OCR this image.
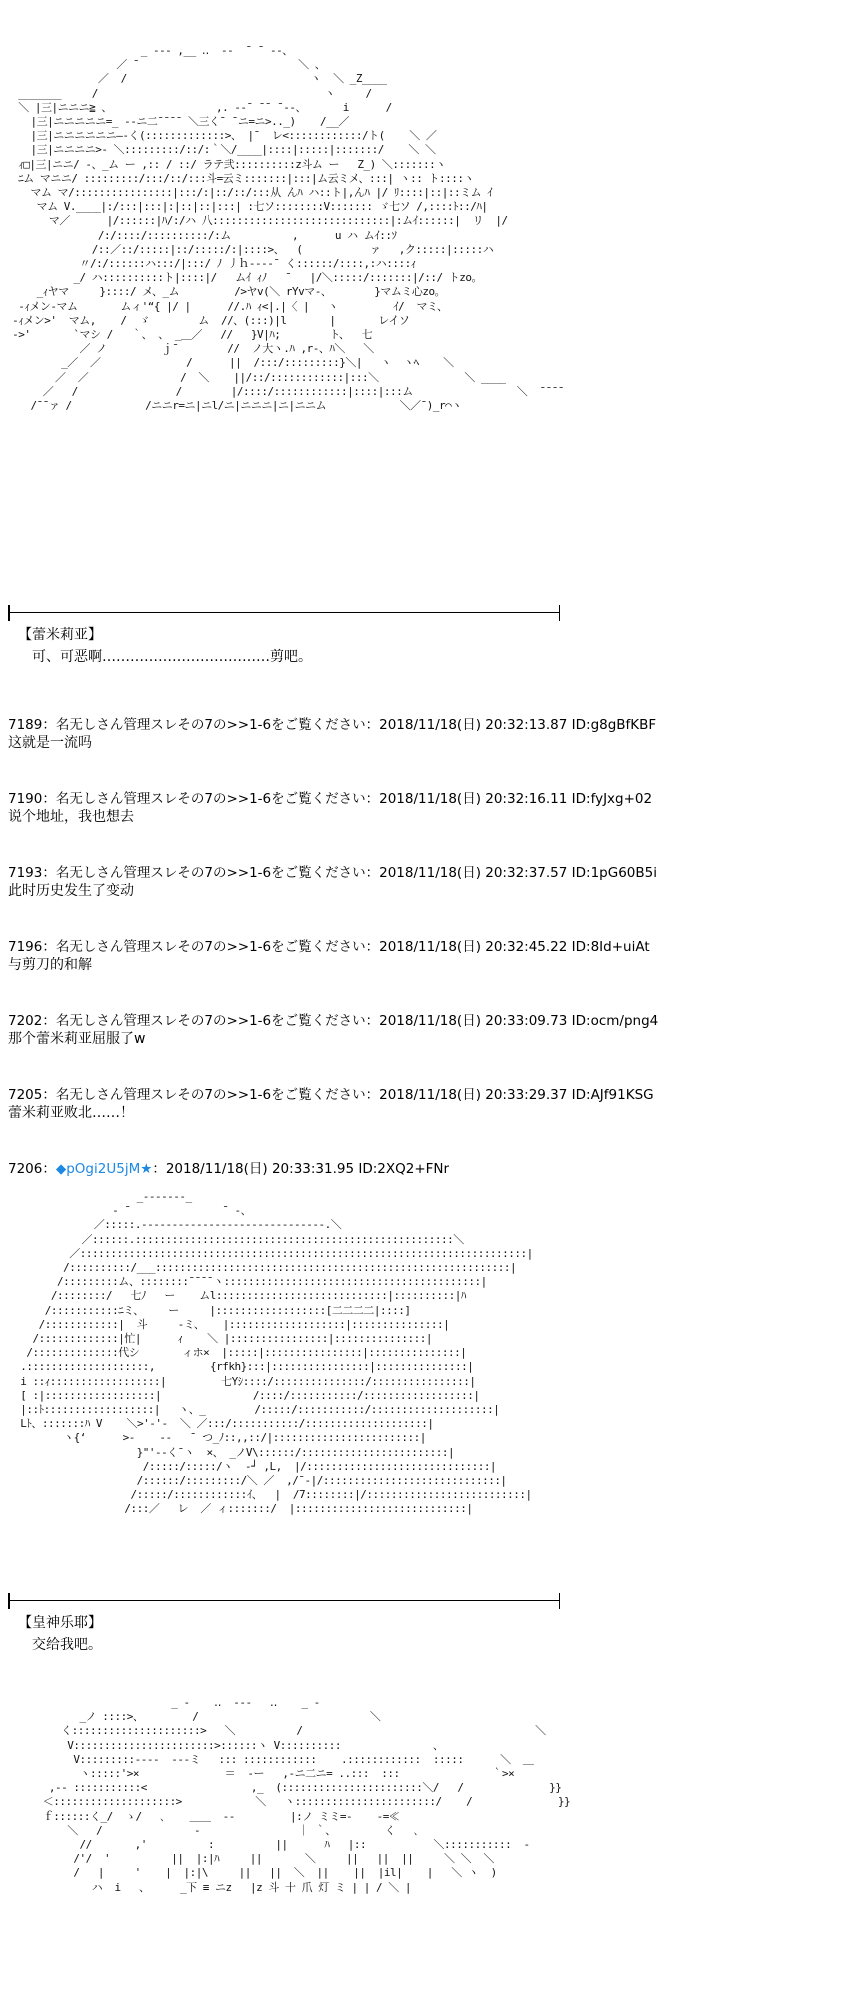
_ -‐- ,__ ‥  ‐‐  ¯ ¯ ‐-、
／ ¯                          ＼ 、
／  /                              ヽ  ＼ _Z____
_______     /                                     ヽ     /
＼ |三|ニニニ≧ 、                 ,. -‐¯ ¯¯ ¯‐-、      i      /
|三|ニニニニニ=_ -‐ニ二¯¯¯¯ ＼三く¯ ¯ニ=ニ>.._)    /__／
|三|ニニニニニニ―-く(:::::::::::::>、 |¯  レ<::::::::::::/ト(    ＼ ／
|三|ニニニニ>- ＼:::::::::/::/:｀＼/____|::::|:::::|:::::::/    ＼ ＼
ｨ□|三|ニニ/ -、_ム ー ,:: / ::/ ラテ弐::::::::::z斗ム ー   Z_) ＼:::::::ヽ
ﾆム マニニ/ :::::::::/:::/::/:::斗=云ミ:::::::|:::|ム云ミメ、:::| ヽ:: ト::::ヽ
マム マ/::::::::::::::::|:::/:|::/::/:::从 んﾊ ハ::ト|,んﾊ |/ ﾘ::::|::|::ミム ｲ
マム V.____|:/:::|:::|:|::|::|:::| :七ソ::::::::V::::::: ゞ七ソ /,::::ﾄ::/ﾊ|
マ／      |/::::::|ﾊ/:/ハ 八:::::::::::::::::::::::::::::|:ムｲ::::::|  リ  |/
/:/::::/::::::::::/:ム          ,      u ハ ムｲ::ｿ
/::／::/:::::|::/:::::/:|::::>、  (           ァ   ,ク:::::|:::::ハ
〃/:/::::::ハ:::/|:::/ ﾉ 丿ｈ‐‐‐‐¯ く::::::/::::,:ハ::::ｨ
_/ ハ::::::::::ト|::::|/   ムｲ ｨﾉ   ¯   |/＼:::::/:::::::|/::/ トzo。
_ｨヤマ     }::::/ メ、_ム         />ヤv(＼ rYvマ‐、       }マムミ心zo。
‐ｨメン‐マム       ムィ'“{ |/ |      //.ﾊ ｨ<|.|〈 |   ヽ         ｲ/  マミ、
‐ｨメン>'  マム,    /  ゞ        ム  //、(:::)|l       |       レイソ
‐>'       `マシ /   ｀、 、 _＿／   //   }V|ﾊ;        ト、  七
／ ノ         ｊ¯        //  ノ大ヽ.ﾊ ,r‐、ﾊ＼   ＼
_／  ／              /      ||  /:::/:::::::::}＼|   ヽ  ヽﾍ    ＼
／  ／               /  ＼    ||/::/::::::::::::|:::＼              ＼ ____
／   /                /        |/::::/::::::::::::|::::|:::ム                 ＼  ¯¯¯¯
/¯¯ァ /            /ニニr=ニ|ニl/ニ|ニニニ|ニ|ニニム            ＼／¯)_r⌒ヽ
【蕾米莉亚】
可、可恶啊………………………………剪吧。
7189：名无しさん管理スレその7の>>1-6をご覧ください：2018/11/18(日) 20:32:13.87 ID:g8gBfKBF
这就是一流吗
7190：名无しさん管理スレその7の>>1-6をご覧ください：2018/11/18(日) 20:32:16.11 ID:fyJxg+02
说个地址，我也想去
7193：名无しさん管理スレその7の>>1-6をご覧ください：2018/11/18(日) 20:32:37.57 ID:1pG60B5i
此时历史发生了变动
7196：名无しさん管理スレその7の>>1-6をご覧ください：2018/11/18(日) 20:32:45.22 ID:8Id+uiAt
与剪刀的和解
7202：名无しさん管理スレその7の>>1-6をご覧ください：2018/11/18(日) 20:33:09.73 ID:ocm/png4
那个蕾米莉亚屈服了w
7205：名无しさん管理スレその7の>>1-6をご覧ください：2018/11/18(日) 20:33:29.37 ID:AJf91KSG
蕾米莉亚败北……！
7206：◆pOgi2U5jM★：2018/11/18(日) 20:33:31.95 ID:2XQ2+FNr
_-------_
‐ ¯               ¯ ‐、
／:::::.-----------------------------‐.＼
／::::::.::::::::::::::::::::::::::::::::::::::::::::::::::::＼
／:::::::::::::::::::::::::::::::::::::::::::::::::::::::::::::::::::::::::|
/::::::::::/___::::::::::::::::::::::::::::::::::::::::::::::::::::::::::|
/:::::::::ム、::::::::¯¯¯¯ヽ::::::::::::::::::::::::::::::::::::::::::|
/::::::::/   七ﾉ   ー    ムl::::::::::::::::::::::::::::|::::::::::|ﾊ
/:::::::::::ﾆミ、    ー     |::::::::::::::::::[二二二二|::::]
/::::::::::::|  斗     ‐ミ、   |:::::::::::::::::::|:::::::::::::::|
/:::::::::::::|忙|      ｨ    ＼ |::::::::::::::::|:::::::::::::::|
/::::::::::::::代シ       ィホ×  |:::::|::::::::::::::::|:::::::::::::::|
.::::::::::::::::::::,         {rfkh}:::|::::::::::::::::|:::::::::::::::|
i ::ｨ::::::::::::::::::|         七Yｼ::::/:::::::::::::::/::::::::::::::::|
[ :|::::::::::::::::::|               /::::/:::::::::::/::::::::::::::::::|
|::ﾄ::::::::::::::::::|   ヽ、_        /:::::/:::::::::::/::::::::::::::::::::|
Lﾄ、:::::::ﾊ V    ＼>'-'‐  ＼ ／:::/:::::::::::/::::::::::::::::::::|
ヽ{‘      >‐    ‐‐   ¯ つ_ﾉ::,,::/|::::::::::::::::::::::::|
}"'‐‐く¯ヽ  ×、 _ノV\::::::/::::::::::::::::::::::::|
/:::::/:::::/ヽ  ‐┘ ,L,  |/::::::::::::::::::::::::::::::|
/::::::/:::::::::/＼ ／  ,/¯‐|/:::::::::::::::::::::::::::::|
/:::::/::::::::::::ｲ、  |  /7::::::::|/::::::::::::::::::::::::::|
/:::／   レ  ／ ィ:::::::/  |::::::::::::::::::::::::::::|
【皇神乐耶】
交给我吧。
_ -    ‥  ‐‐‐   ‥    _ ‐
_ノ ::::>、        /                            ＼
く:::::::::::::::::::::>   ＼          /                                      ＼
V:::::::::::::::::::::::>::::::ヽ V::::::::::               、
V:::::::::‐‐‐‐  ‐‐‐ミ   ::: ::::::::::::    .::::::::::::  :::::      ＼  ＿
ヽ:::::'>×              ＝  ‐ー   ,-ニ二ニ= ..:::  :::               ｀>×
,‐‐ :::::::::::<                 ,_  (:::::::::::::::::::::::＼/   /              }}
＜::::::::::::::::::::>            ＼   ヽ:::::::::::::::::::::::/    /              }}
ｆ::::::く_/  ゝ/   ､    ＿＿  ‐‐         |:ノ ミミ=‐    ‐=≪
＼   /               ‐                ｜ ｀、        く   ､
//       ,'          :          ||      ﾊ   |::           ＼:::::::::::  ‐
/'/  '          ||  |:|ﾊ     ||       ＼     ||   ||  ||     ＼ ＼  ＼
/   |     '    |  |:|\     ||   ||  ＼  ||    ||  |il|    |   ＼ ヽ  )
ハ  i   、     _下 ≡ ニz   |z 斗 十 爪 灯 ミ | | / ＼ |
